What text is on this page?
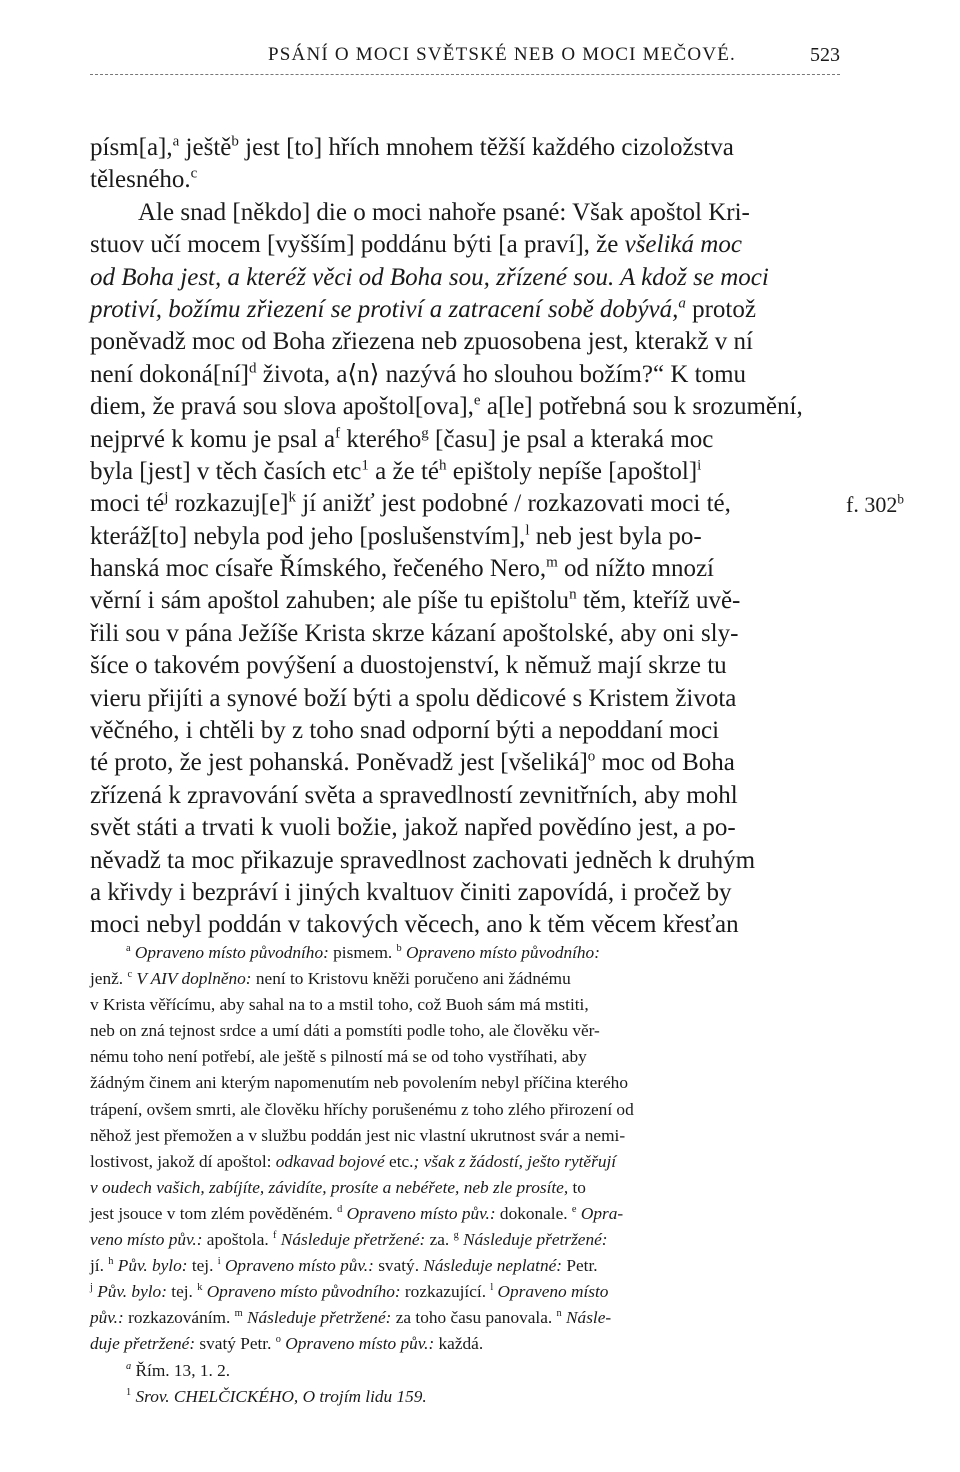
PSÁNÍ O MOCI SVĚTSKÉ NEB O MOCI MEČOVÉ.	523
písm[a],$^a$ ještě$^b$ jest [to] hřích mnohem těžší každého cizoložstva
tělesného.$^c$
Ale snad [někdo] die o moci nahoře psané: Však apoštol Kri-
stuov učí mocem [vyšším] poddánu býti [a praví], že všeliká moc
od Boha jest, a kteréž věci od Boha sou, zřízené sou. A kdož se moci
protiví, božímu zřiezení se protiví a zatracení sobě dobývá,$^a$ protož
poněvadž moc od Boha zřiezena neb zpuosobena jest, kterakž v ní
není dokoná[ní]$^d$ života, a⟨n⟩ nazývá ho slouhou božím?“ K tomu
diem, že pravá sou slova apoštol[ova],$^e$ a[le] potřebná sou k srozumění,
nejprvé k komu je psal $a^f$ kterého$^g$ [času] je psal a kteraká moc
byla [jest] v těch časích etc$^1$ a že $té^h$ epištoly nepíše [apoštol]$^i$
moci $té^j$ $rozkazuj[e]^k$ jí anižť jest podobné / rozkazovati moci té,
kteráž[to] nebyla pod jeho [poslušenstvím],$^l$ neb jest byla po-
hanská moc císaře Římského, řečeného Nero,$^m$ od nížto mnozí
věrní i sám apoštol zahuben; ale píše tu epištolu$^n$ těm, kteříž uvě-
řili sou v pána Ježíše Krista skrze kázaní apoštolské, aby oni sly-
šíce o takovém povýšení a duostojenství, k němuž mají skrze tu
vieru přijíti a synové boží býti a spolu dědicové s Kristem života
věčného, i chtěli by z toho snad odporní býti a nepoddaní moci
té proto, že jest pohanská. Poněvadž jest [všeliká]$^o$ moc od Boha
zřízená k zpravování světa a spravedlností zevnitřních, aby mohl
svět státi a trvati k vuoli božie, jakož napřed povědíno jest, a po-
něvadž ta moc přikazuje spravedlnost zachovati jedněch k druhým
a křivdy i bezpráví i jiných kvaltuov činiti zapovídá, i pročež by
moci nebyl poddán v takových věcech, ano k těm věcem křesťan
f. 302$^b$
$^a$ Opraveno místo původního: pismem. $^b$ Opraveno místo původního:
jenž. $^c$ V AIV doplněno: není to Kristovu kněži poručeno ani žádnému
v Krista věřícímu, aby sahal na to a mstil toho, což Buoh sám má mstiti,
neb on zná tejnost srdce a umí dáti a pomstíti podle toho, ale člověku věr-
nému toho není potřebí, ale ještě s pilností má se od toho vystříhati, aby
žádným činem ani kterým napomenutím neb povolením nebyl příčina kterého
trápení, ovšem smrti, ale člověku hříchy porušenému z toho zlého přirození od
něhož jest přemožen a v službu poddán jest nic vlastní ukrutnost svár a nemi-
lostivost, jakož dí apoštol: odkavad bojové etc.; však z žádostí, ješto rytěřují
v oudech vašich, zabíjíte, závidíte, prosíte a nebéřete, neb zle prosíte, to
jest jsouce v tom zlém pověděném. $^d$ Opraveno místo pův.: dokonale. $^e$ Opra-
veno místo pův.: apoštola. $^f$ Následuje přetržené: za. $^g$ Následuje přetržené:
jí. $^h$ Pův. bylo: tej. $^i$ Opraveno místo pův.: svatý. Následuje neplatné: Petr.
$^j$ Pův. bylo: tej. $^k$ Opraveno místo původního: rozkazující. $^l$ Opraveno místo
pův.: rozkazováním. $^m$ Následuje přetržené: za toho času panovala. $^n$ Násle-
duje přetržené: svatý Petr. $^o$ Opraveno místo pův.: každá.
$^a$ Řím. 13, 1. 2.
$^1$ Srov. CHELČICKÉHO, O trojím lidu 159.
